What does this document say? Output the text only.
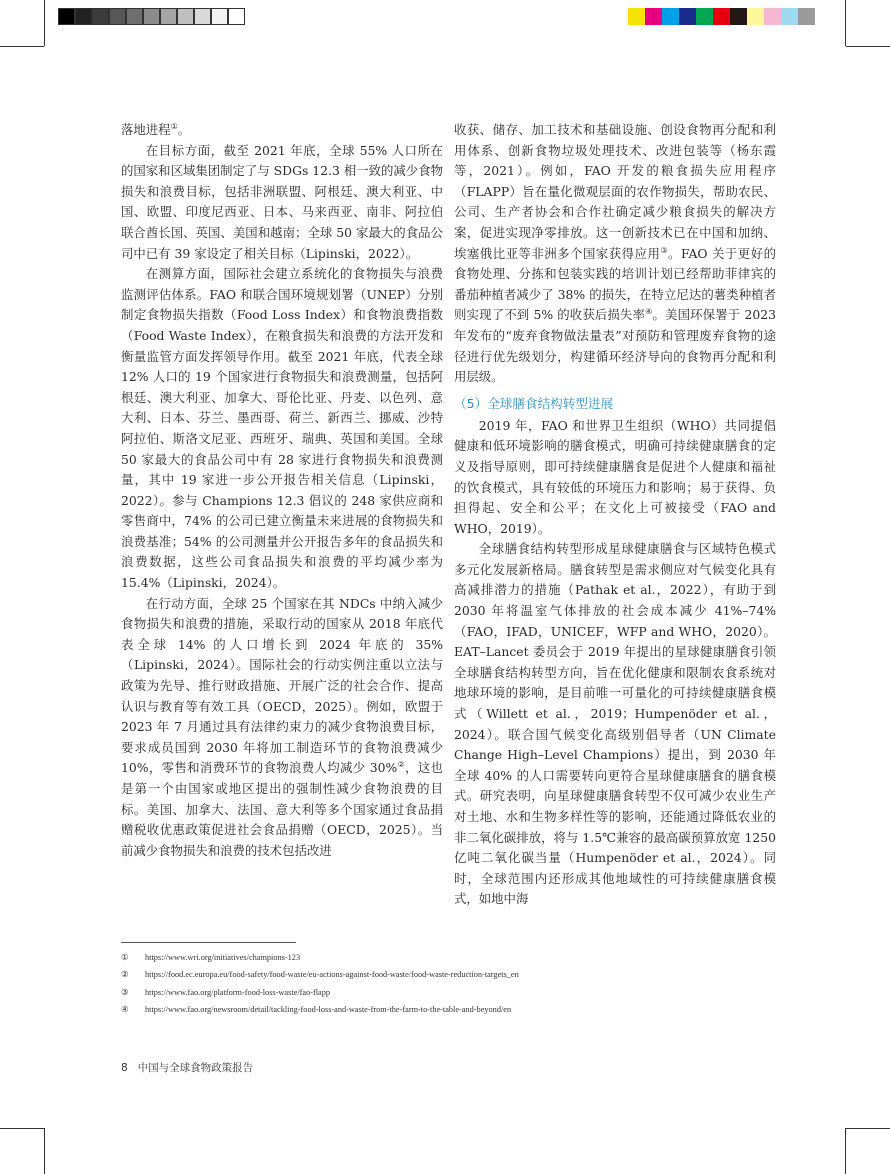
落地进程①。

在目标方面，截至 2021 年底，全球 55% 人口所在的国家和区域集团制定了与 SDGs 12.3 相一致的减少食物损失和浪费目标，包括非洲联盟、阿根廷、澳大利亚、中国、欧盟、印度尼西亚、日本、马来西亚、南非、阿拉伯联合酋长国、英国、美国和越南；全球 50 家最大的食品公司中已有 39 家设定了相关目标（Lipinski，2022）。

在测算方面，国际社会建立系统化的食物损失与浪费监测评估体系。FAO 和联合国环境规划署（UNEP）分别制定食物损失指数（Food Loss Index）和食物浪费指数（Food Waste Index），在粮食损失和浪费的方法开发和衡量监管方面发挥领导作用。截至 2021 年底，代表全球 12% 人口的 19 个国家进行食物损失和浪费测量，包括阿根廷、澳大利亚、加拿大、哥伦比亚、丹麦、以色列、意大利、日本、芬兰、墨西哥、荷兰、新西兰、挪威、沙特阿拉伯、斯洛文尼亚、西班牙、瑞典、英国和美国。全球 50 家最大的食品公司中有 28 家进行食物损失和浪费测量，其中 19 家进一步公开报告相关信息（Lipinski，2022）。参与 Champions 12.3 倡议的 248 家供应商和零售商中，74% 的公司已建立衡量未来进展的食物损失和浪费基准；54% 的公司测量并公开报告多年的食品损失和浪费数据，这些公司食品损失和浪费的平均减少率为 15.4%（Lipinski，2024）。

在行动方面，全球 25 个国家在其 NDCs 中纳入减少食物损失和浪费的措施，采取行动的国家从 2018 年底代表全球 14% 的人口增长到 2024 年底的 35%（Lipinski，2024）。国际社会的行动实例注重以立法与政策为先导、推行财政措施、开展广泛的社会合作、提高认识与教育等有效工具（OECD，2025）。例如，欧盟于 2023 年 7 月通过具有法律约束力的减少食物浪费目标，要求成员国到 2030 年将加工制造环节的食物浪费减少 10%，零售和消费环节的食物浪费人均减少 30%②，这也是第一个由国家或地区提出的强制性减少食物浪费的目标。美国、加拿大、法国、意大利等多个国家通过食品捐赠税收优惠政策促进社会食品捐赠（OECD，2025）。当前减少食物损失和浪费的技术包括改进

收获、储存、加工技术和基础设施、创设食物再分配和利用体系、创新食物垃圾处理技术、改进包装等（杨东霞等，2021）。例如，FAO 开发的粮食损失应用程序（FLAPP）旨在量化微观层面的农作物损失，帮助农民、公司、生产者协会和合作社确定减少粮食损失的解决方案，促进实现净零排放。这一创新技术已在中国和加纳、埃塞俄比亚等非洲多个国家获得应用③。FAO 关于更好的食物处理、分拣和包装实践的培训计划已经帮助菲律宾的番茄种植者减少了 38% 的损失，在特立尼达的薯类种植者则实现了不到 5% 的收获后损失率④。美国环保署于 2023 年发布的“废弃食物做法量表”对预防和管理废弃食物的途径进行优先级划分，构建循环经济导向的食物再分配和利用层级。

（5）全球膳食结构转型进展

2019 年，FAO 和世界卫生组织（WHO）共同提倡健康和低环境影响的膳食模式，明确可持续健康膳食的定义及指导原则，即可持续健康膳食是促进个人健康和福祉的饮食模式，具有较低的环境压力和影响；易于获得、负担得起、安全和公平；在文化上可被接受（FAO and WHO，2019）。

全球膳食结构转型形成星球健康膳食与区域特色模式多元化发展新格局。膳食转型是需求侧应对气候变化具有高减排潜力的措施（Pathak et al.，2022），有助于到 2030 年将温室气体排放的社会成本减少 41%–74%（FAO，IFAD，UNICEF，WFP and WHO，2020）。EAT–Lancet 委员会于 2019 年提出的星球健康膳食引领全球膳食结构转型方向，旨在优化健康和限制农食系统对地球环境的影响，是目前唯一可量化的可持续健康膳食模式（Willett et al.，2019；Humpenöder et al.，2024）。联合国气候变化高级别倡导者（UN Climate Change High–Level Champions）提出，到 2030 年全球 40% 的人口需要转向更符合星球健康膳食的膳食模式。研究表明，向星球健康膳食转型不仅可减少农业生产对土地、水和生物多样性等的影响，还能通过降低农业的非二氧化碳排放，将与 1.5℃兼容的最高碳预算放宽 1250 亿吨二氧化碳当量（Humpenöder et al.，2024）。同时，全球范围内还形成其他地域性的可持续健康膳食模式，如地中海

①	https://www.wri.org/initiatives/champions-123
②	https://food.ec.europa.eu/food-safety/food-waste/eu-actions-against-food-waste/food-waste-reduction-targets_en
③	https://www.fao.org/platform-food-loss-waste/fao-flapp
④	https://www.fao.org/newsroom/detail/tackling-food-loss-and-waste-from-the-farm-to-the-table-and-beyond/en
8 中国与全球食物政策报告
